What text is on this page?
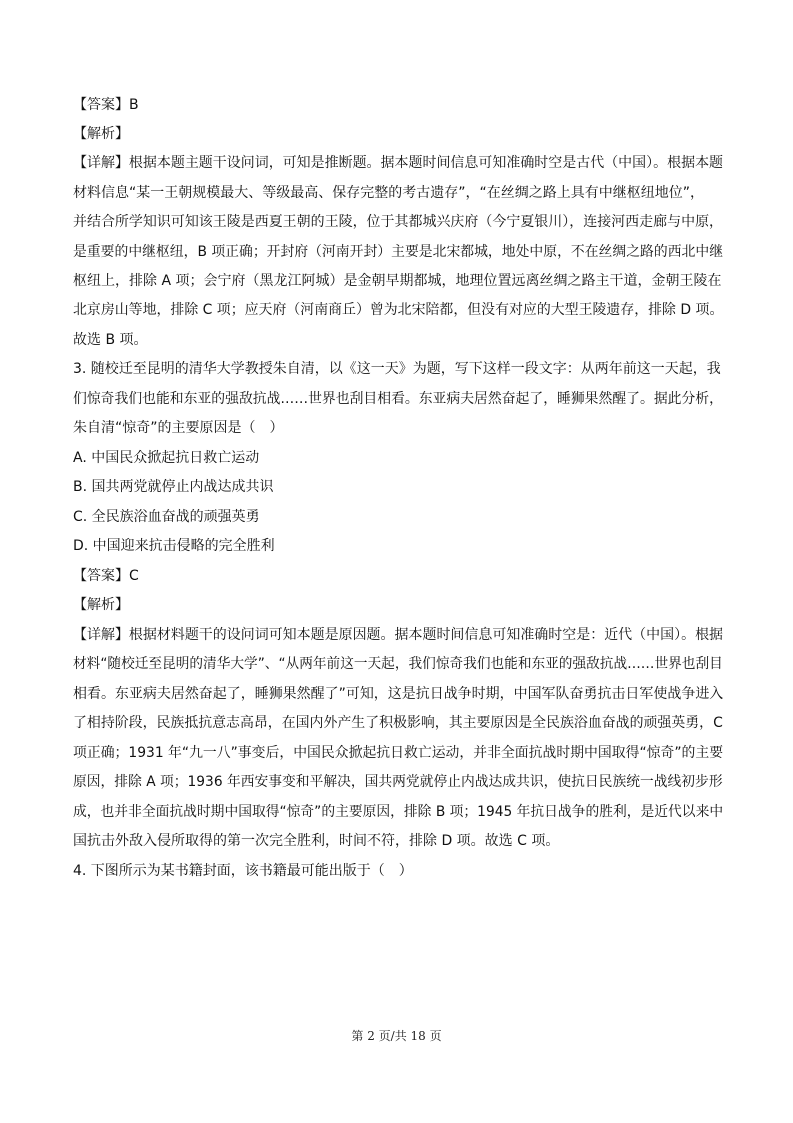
【答案】B
【解析】
【详解】根据本题主题干设问词，可知是推断题。据本题时间信息可知准确时空是古代（中国）。根据本题
材料信息“某一王朝规模最大、等级最高、保存完整的考古遗存”，“在丝绸之路上具有中继枢纽地位”，
并结合所学知识可知该王陵是西夏王朝的王陵，位于其都城兴庆府（今宁夏银川），连接河西走廊与中原，
是重要的中继枢纽，B 项正确；开封府（河南开封）主要是北宋都城，地处中原，不在丝绸之路的西北中继
枢纽上，排除 A 项；会宁府（黑龙江阿城）是金朝早期都城，地理位置远离丝绸之路主干道，金朝王陵在
北京房山等地，排除 C 项；应天府（河南商丘）曾为北宋陪都，但没有对应的大型王陵遗存，排除 D 项。
故选 B 项。
3. 随校迁至昆明的清华大学教授朱自清，以《这一天》为题，写下这样一段文字：从两年前这一天起，我
们惊奇我们也能和东亚的强敌抗战……世界也刮目相看。东亚病夫居然奋起了，睡狮果然醒了。据此分析，
朱自清“惊奇”的主要原因是（　）
A. 中国民众掀起抗日救亡运动
B. 国共两党就停止内战达成共识
C. 全民族浴血奋战的顽强英勇
D. 中国迎来抗击侵略的完全胜利
【答案】C
【解析】
【详解】根据材料题干的设问词可知本题是原因题。据本题时间信息可知准确时空是：近代（中国）。根据
材料“随校迁至昆明的清华大学”、“从两年前这一天起，我们惊奇我们也能和东亚的强敌抗战……世界也刮目
相看。东亚病夫居然奋起了，睡狮果然醒了”可知，这是抗日战争时期，中国军队奋勇抗击日军使战争进入
了相持阶段，民族抵抗意志高昂，在国内外产生了积极影响，其主要原因是全民族浴血奋战的顽强英勇，C
项正确；1931 年“九一八”事变后，中国民众掀起抗日救亡运动，并非全面抗战时期中国取得“惊奇”的主要
原因，排除 A 项；1936 年西安事变和平解决，国共两党就停止内战达成共识，使抗日民族统一战线初步形
成，也并非全面抗战时期中国取得“惊奇”的主要原因，排除 B 项；1945 年抗日战争的胜利，是近代以来中
国抗击外敌入侵所取得的第一次完全胜利，时间不符，排除 D 项。故选 C 项。
4. 下图所示为某书籍封面，该书籍最可能出版于（　）
第 2 页/共 18 页
